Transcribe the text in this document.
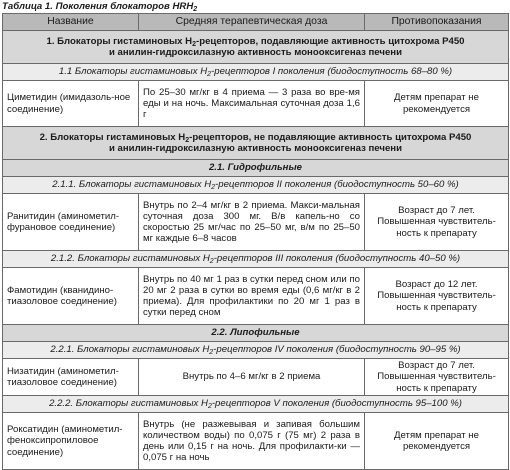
Таблица 1. Поколения блокаторов $HRH_2$
Название	Средняя терапевтическая доза	Противопоказания
1. Блокаторы гистаминовых $H_2$-рецепторов, подавляющие активность цитохрома P450
и анилин-гидроксилазную активность монооксигеназ печени		
1.1 Блокаторы гистаминовых $H_2$-рецепторов I поколения (биодоступность 68–80 %)		
Циметидин (имидазоль-ное соединение)	По 25–30 мг/кг в 4 приема — 3 раза во вре-мя еды и на ночь. Максимальная суточная доза 1,6 г	Детям препарат не рекомендуется
2. Блокаторы гистаминовых $H_2$-рецепторов, не подавляющие активность цитохрома P450
и анилин-гидроксилазную активность монооксигеназ печени		
2.1. Гидрофильные		
2.1.1. Блокаторы гистаминовых $H_2$-рецепторов II поколения (биодоступность 50–60 %)		
Ранитидин (аминометил-фурановое соединение)	Внутрь по 2–4 мг/кг в 2 приема. Макси-мальная суточная доза 300 мг. В/в капель-но со скоростью 25 мг/час по 25–50 мг, в/м по 25–50 мг каждые 6–8 часов	Возраст до 7 лет. Повышенная чувствитель-ность к препарату
2.1.2. Блокаторы гистаминовых $H_2$-рецепторов III поколения (биодоступность 40–50 %)		
Фамотидин (кванидино-тиазоловое соединение)	Внутрь по 40 мг 1 раз в сутки перед сном или по 20 мг 2 раза в сутки во время еды (0,6 мг/кг в 2 приема). Для профилактики по 20 мг 1 раз в сутки перед сном	Возраст до 12 лет. Повышенная чувствитель-ность к препарату
2.2. Липофильные		
2.2.1. Блокаторы гистаминовых $H_2$-рецепторов IV поколения (биодоступность 90–95 %)		
Низатидин (аминометил-тиазоловое соединение)	Внутрь по 4–6 мг/кг в 2 приема	Возраст до 7 лет. Повышенная чувствитель-ность к препарату
2.2.2. Блокаторы гистаминовых $H_2$-рецепторов V поколения (биодоступность 95–100 %)		
Роксатидин (аминометил-феноксипропиловое соединение)	Внутрь (не разжевывая и запивая большим количеством воды) по 0,075 г (75 мг) 2 раза в день или 0,15 г на ночь. Для профилакти-ки — 0,075 г на ночь	Детям препарат не рекомендуется
